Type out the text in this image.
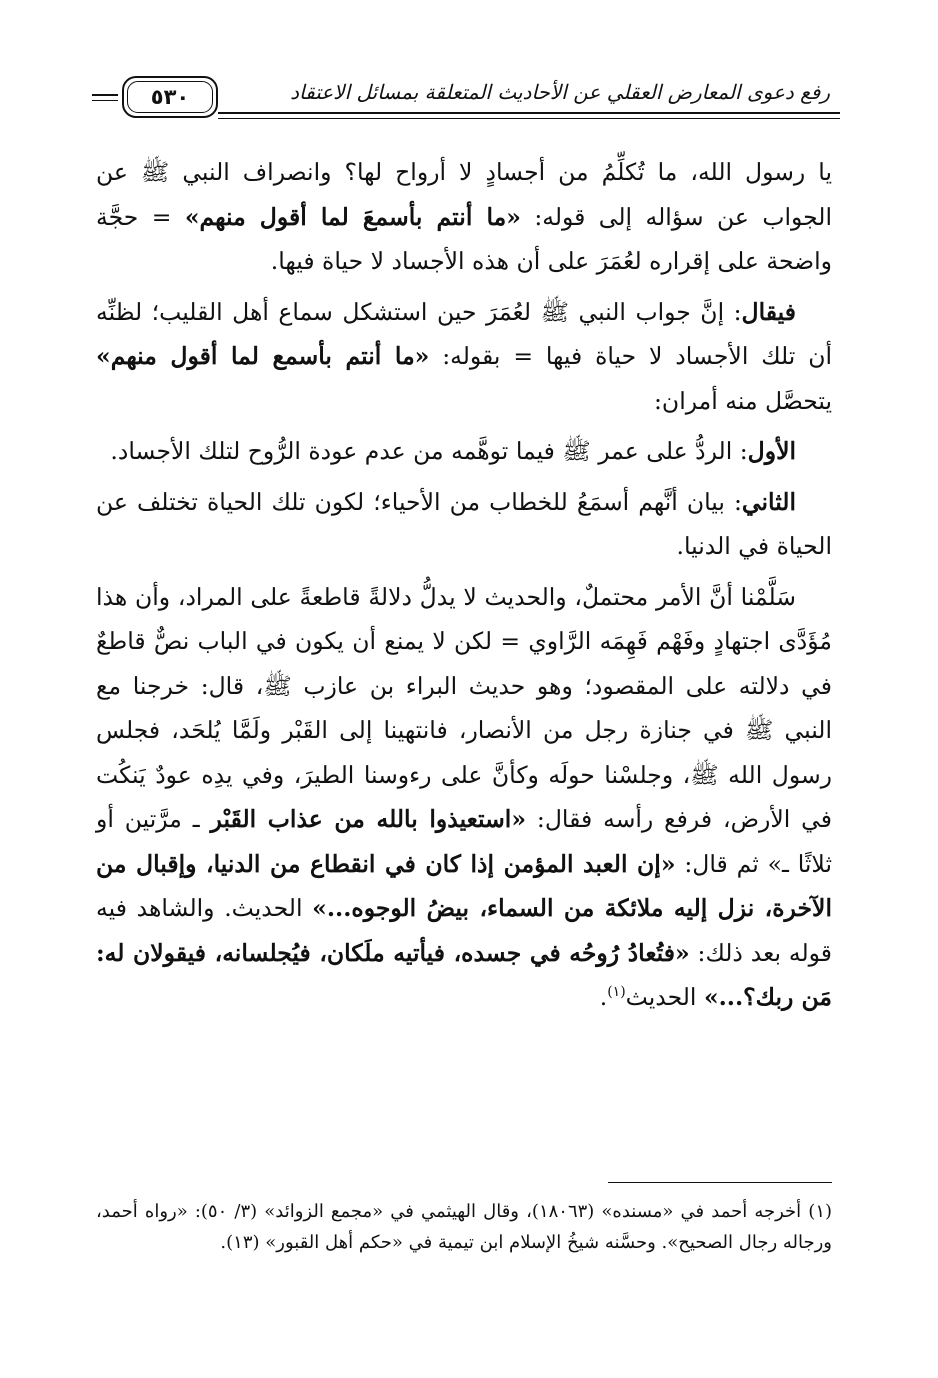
٥٣٠	رفع دعوى المعارض العقلي عن الأحاديث المتعلقة بمسائل الاعتقاد

يا رسول الله، ما تُكلِّمُ من أجسادٍ لا أرواح لها؟ وانصراف النبي ﷺ عن الجواب عن سؤاله إلى قوله: «ما أنتم بأسمعَ لما أقول منهم» = حجَّة واضحة على إقراره لعُمَرَ على أن هذه الأجساد لا حياة فيها.

فيقال: إنَّ جواب النبي ﷺ لعُمَرَ حين استشكل سماع أهل القليب؛ لظنِّه أن تلك الأجساد لا حياة فيها = بقوله: «ما أنتم بأسمع لما أقول منهم» يتحصَّل منه أمران:

الأول: الردُّ على عمر ﷺ فيما توهَّمه من عدم عودة الرُّوح لتلك الأجساد.

الثاني: بيان أنَّهم أسمَعُ للخطاب من الأحياء؛ لكون تلك الحياة تختلف عن الحياة في الدنيا.

سَلَّمْنا أنَّ الأمر محتملٌ، والحديث لا يدلُّ دلالةً قاطعةً على المراد، وأن هذا مُؤَدَّى اجتهادٍ وفَهْم فَهِمَه الرَّاوي = لكن لا يمنع أن يكون في الباب نصٌّ قاطعٌ في دلالته على المقصود؛ وهو حديث البراء بن عازب ﷺ، قال: خرجنا مع النبي ﷺ في جنازة رجل من الأنصار، فانتهينا إلى القَبْر ولَمَّا يُلحَد، فجلس رسول الله ﷺ، وجلسْنا حولَه وكأنَّ على رءوسنا الطيرَ، وفي يدِه عودٌ يَنكُت في الأرض، فرفع رأسه فقال: «استعيذوا بالله من عذاب القَبْر ـ مرَّتين أو ثلاثًا ـ» ثم قال: «إن العبد المؤمن إذا كان في انقطاع من الدنيا، وإقبال من الآخرة، نزل إليه ملائكة من السماء، بيضُ الوجوه...» الحديث. والشاهد فيه قوله بعد ذلك: «فتُعادُ رُوحُه في جسده، فيأتيه ملَكان، فيُجلسانه، فيقولان له: مَن ربك؟...» الحديث$^{(١)}$.

(١) أخرجه أحمد في «مسنده» (١٨٠٦٣)، وقال الهيثمي في «مجمع الزوائد» (٣/ ٥٠): «رواه أحمد، ورجاله رجال الصحيح». وحسَّنه شيخُ الإسلام ابن تيمية في «حكم أهل القبور» (١٣).
